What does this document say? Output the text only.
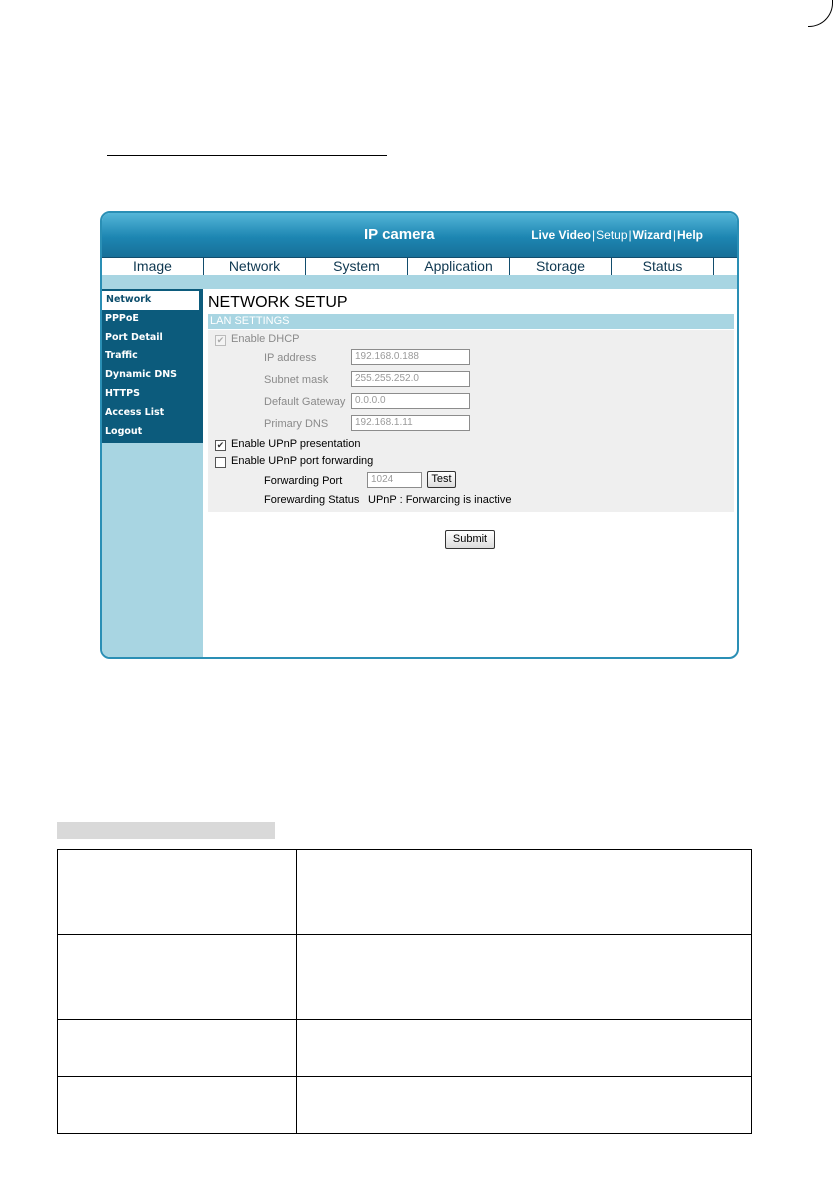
IP camera	Live Video|Setup|Wizard|Help
Image	Network	System	Application	Storage	Status
Network
PPPoE
Port Detail
Traffic
Dynamic DNS
HTTPS
Access List
Logout
NETWORK SETUP
LAN SETTINGS
✔ Enable DHCP
IP address	192.168.0.188
Subnet mask	255.255.252.0
Default Gateway 0.0.0.0
Primary DNS	192.168.1.11
✔ Enable UPnP presentation
Enable UPnP port forwarding
Forwarding Port	1024	Test
Forewarding Status UPnP : Forwarcing is inactive
Submit
